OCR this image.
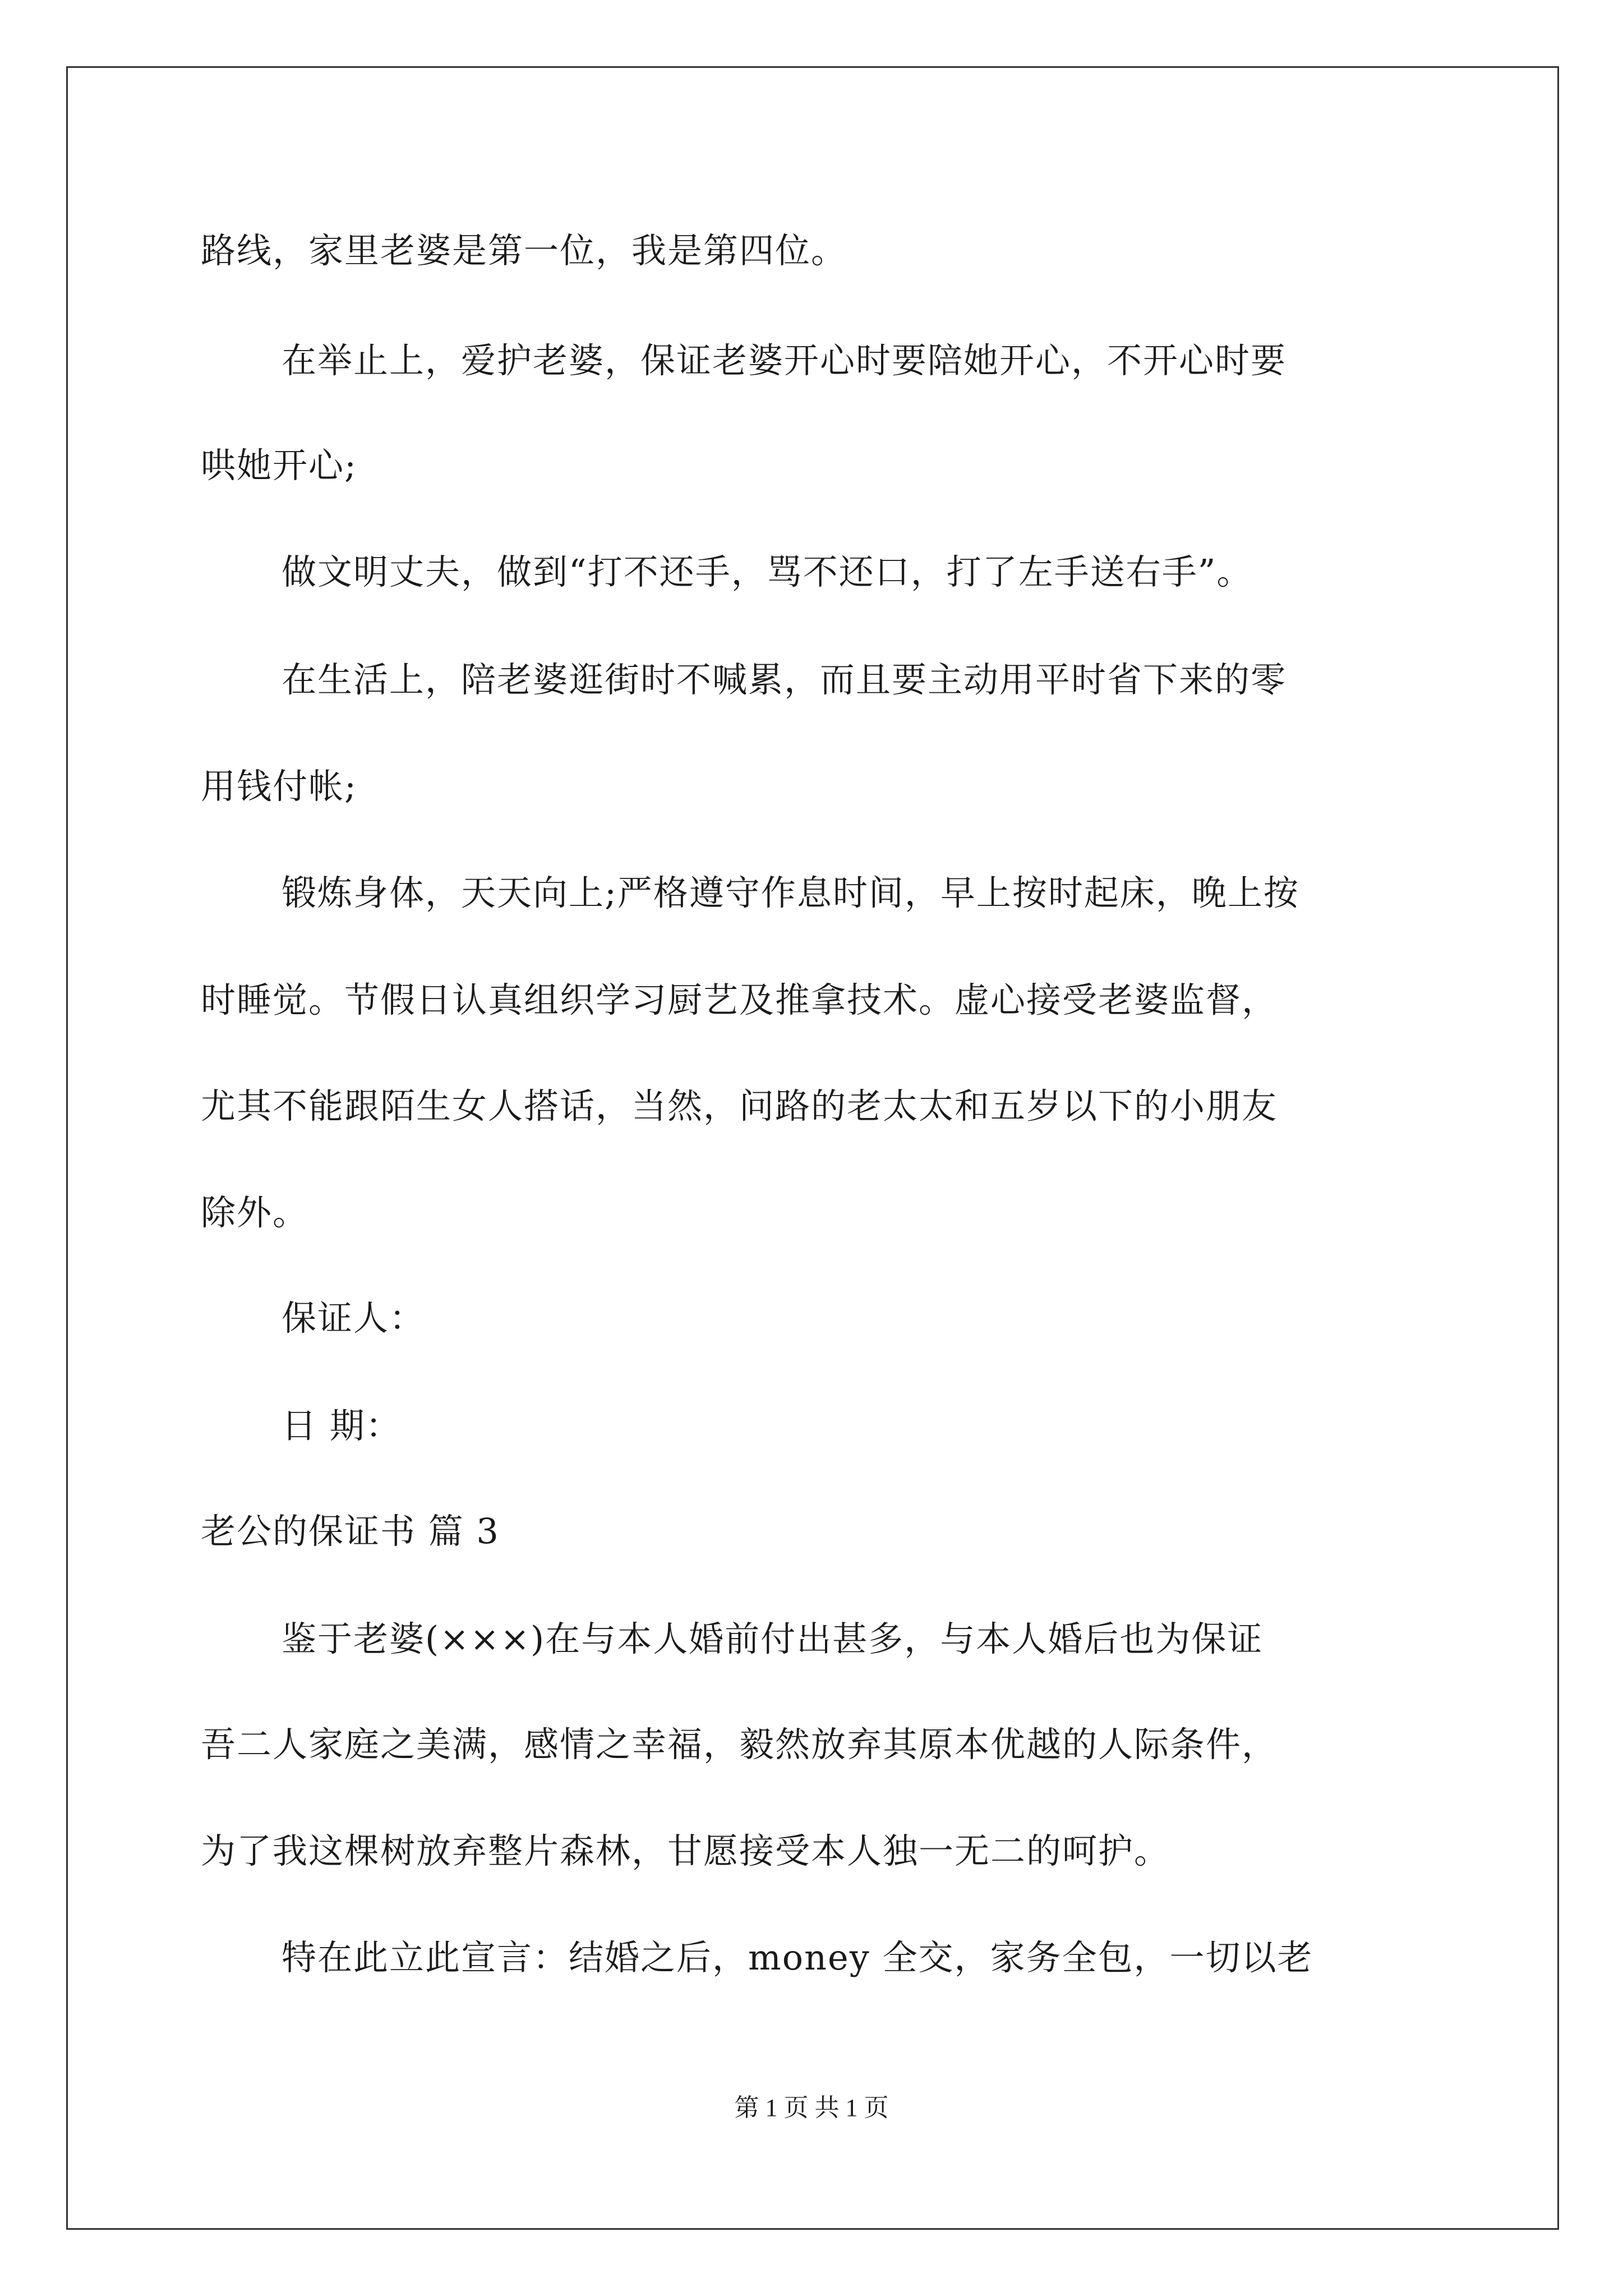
路线，家里老婆是第一位，我是第四位。
在举止上，爱护老婆，保证老婆开心时要陪她开心，不开心时要
哄她开心;
做文明丈夫，做到“打不还手，骂不还口，打了左手送右手”。
在生活上，陪老婆逛街时不喊累，而且要主动用平时省下来的零
用钱付帐;
锻炼身体，天天向上;严格遵守作息时间，早上按时起床，晚上按
时睡觉。节假日认真组织学习厨艺及推拿技术。虚心接受老婆监督，
尤其不能跟陌生女人搭话，当然，问路的老太太和五岁以下的小朋友
除外。
保证人：
日 期：
老公的保证书 篇 3
鉴于老婆(×××)在与本人婚前付出甚多，与本人婚后也为保证
吾二人家庭之美满，感情之幸福，毅然放弃其原本优越的人际条件，
为了我这棵树放弃整片森林，甘愿接受本人独一无二的呵护。
特在此立此宣言：结婚之后，money 全交，家务全包，一切以老
第 1 页 共 1 页
